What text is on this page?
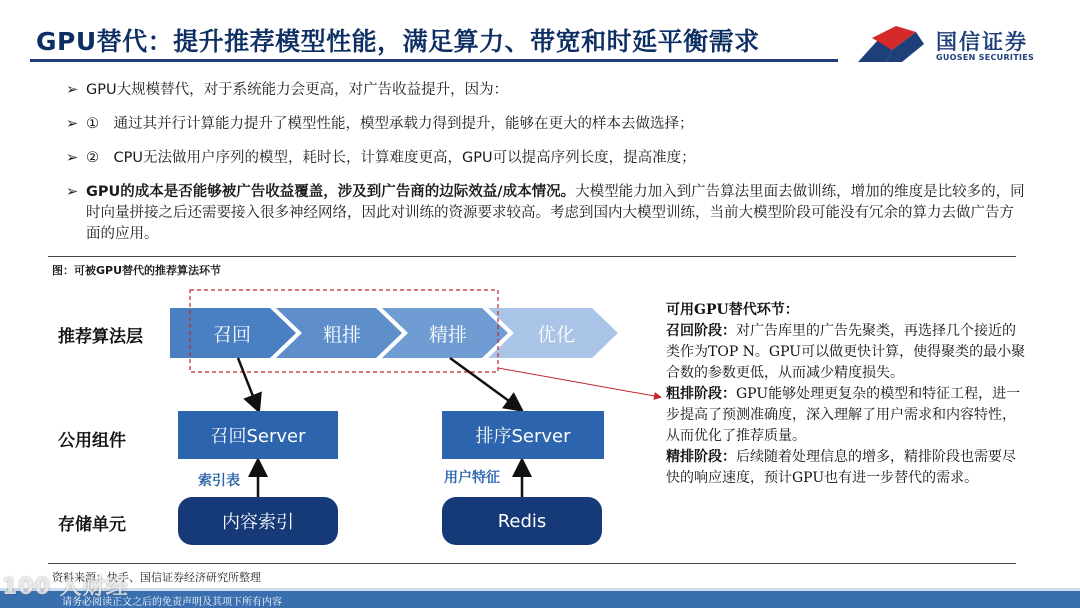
GPU替代：提升推荐模型性能，满足算力、带宽和时延平衡需求	国信证券
GUOSEN SECURITIES
➢ GPU大规模替代，对于系统能力会更高，对广告收益提升，因为：
➢ ①　通过其并行计算能力提升了模型性能，模型承载力得到提升，能够在更大的样本去做选择；
➢ ②　CPU无法做用户序列的模型，耗时长，计算难度更高，GPU可以提高序列长度，提高准度；
➢ GPU的成本是否能够被广告收益覆盖，涉及到广告商的边际效益/成本情况。大模型能力加入到广告算法里面去做训练，增加的维度是比较多的，同时向量拼接之后还需要接入很多神经网络，因此对训练的资源要求较高。考虑到国内大模型训练，当前大模型阶段可能没有冗余的算力去做广告方面的应用。
图：可被GPU替代的推荐算法环节
推荐算法层
公用组件
存储单元
召回	粗排	精排	优化
召回Server	排序Server
内容索引	Redis
索引表	用户特征

可用GPU替代环节：

召回阶段：对广告库里的广告先聚类，再选择几个接近的类作为TOP N。GPU可以做更快计算，使得聚类的最小聚合数的参数更低，从而减少精度损失。

粗排阶段：GPU能够处理更复杂的模型和特征工程，进一步提高了预测准确度，深入理解了用户需求和内容特性，从而优化了推荐质量。

精排阶段：后续随着处理信息的增多，精排阶段也需要尽快的响应速度，预计GPU也有进一步替代的需求。

资料来源：快手、国信证券经济研究所整理
请务必阅读正文之后的免责声明及其项下所有内容
100 人财经
